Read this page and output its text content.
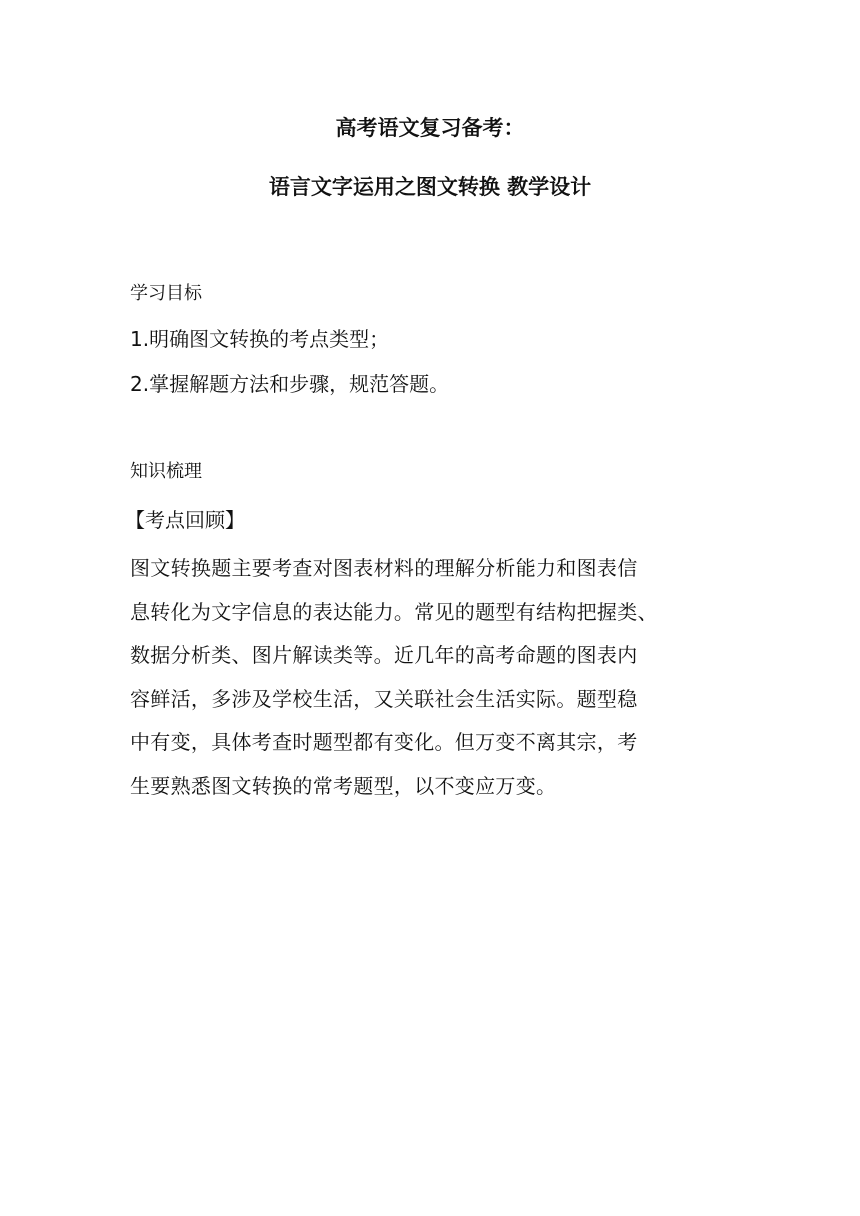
高考语文复习备考：
语言文字运用之图文转换 教学设计
学习目标

1.明确图文转换的考点类型；

2.掌握解题方法和步骤，规范答题。

知识梳理

【考点回顾】

图文转换题主要考查对图表材料的理解分析能力和图表信
息转化为文字信息的表达能力。常见的题型有结构把握类、
数据分析类、图片解读类等。近几年的高考命题的图表内
容鲜活，多涉及学校生活，又关联社会生活实际。题型稳
中有变，具体考查时题型都有变化。但万变不离其宗，考
生要熟悉图文转换的常考题型，以不变应万变。
